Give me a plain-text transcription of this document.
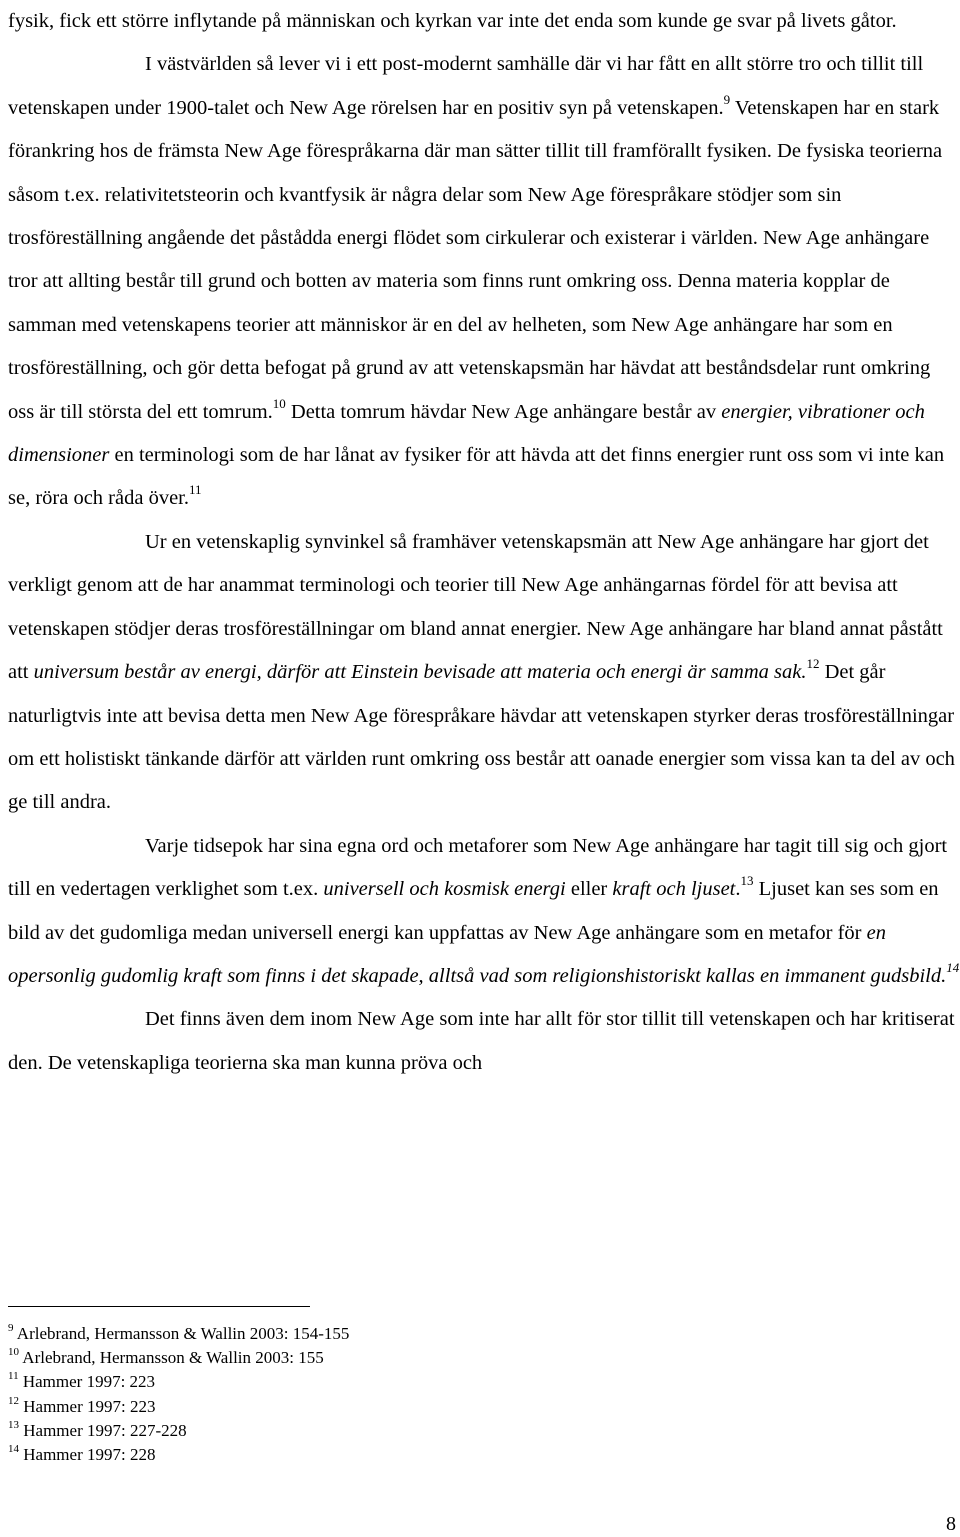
fysik, fick ett större inflytande på människan och kyrkan var inte det enda som kunde ge svar på livets gåtor.

I västvärlden så lever vi i ett post-modernt samhälle där vi har fått en allt större tro och tillit till vetenskapen under 1900-talet och New Age rörelsen har en positiv syn på vetenskapen.$^9$ Vetenskapen har en stark förankring hos de främsta New Age förespråkarna där man sätter tillit till framförallt fysiken. De fysiska teorierna såsom t.ex. relativitetsteorin och kvantfysik är några delar som New Age förespråkare stödjer som sin trosföreställning angående det påstådda energi flödet som cirkulerar och existerar i världen. New Age anhängare tror att allting består till grund och botten av materia som finns runt omkring oss. Denna materia kopplar de samman med vetenskapens teorier att människor är en del av helheten, som New Age anhängare har som en trosföreställning, och gör detta befogat på grund av att vetenskapsmän har hävdat att beståndsdelar runt omkring oss är till största del ett tomrum.$^{10}$ Detta tomrum hävdar New Age anhängare består av energier, vibrationer och dimensioner en terminologi som de har lånat av fysiker för att hävda att det finns energier runt oss som vi inte kan se, röra och råda över.$^{11}$

Ur en vetenskaplig synvinkel så framhäver vetenskapsmän att New Age anhängare har gjort det verkligt genom att de har anammat terminologi och teorier till New Age anhängarnas fördel för att bevisa att vetenskapen stödjer deras trosföreställningar om bland annat energier. New Age anhängare har bland annat påstått att universum består av energi, därför att Einstein bevisade att materia och energi är samma sak.$^{12}$ Det går naturligtvis inte att bevisa detta men New Age förespråkare hävdar att vetenskapen styrker deras trosföreställningar om ett holistiskt tänkande därför att världen runt omkring oss består att oanade energier som vissa kan ta del av och ge till andra.

Varje tidsepok har sina egna ord och metaforer som New Age anhängare har tagit till sig och gjort till en vedertagen verklighet som t.ex. universell och kosmisk energi eller kraft och ljuset.$^{13}$ Ljuset kan ses som en bild av det gudomliga medan universell energi kan uppfattas av New Age anhängare som en metafor för en opersonlig gudomlig kraft som finns i det skapade, alltså vad som religionshistoriskt kallas en immanent gudsbild.$^{14}$

Det finns även dem inom New Age som inte har allt för stor tillit till vetenskapen och har kritiserat den. De vetenskapliga teorierna ska man kunna pröva och

$^9$ Arlebrand, Hermansson & Wallin 2003: 154-155
$^{10}$ Arlebrand, Hermansson & Wallin 2003: 155
$^{11}$ Hammer 1997: 223
$^{12}$ Hammer 1997: 223
$^{13}$ Hammer 1997: 227-228
$^{14}$ Hammer 1997: 228
8
